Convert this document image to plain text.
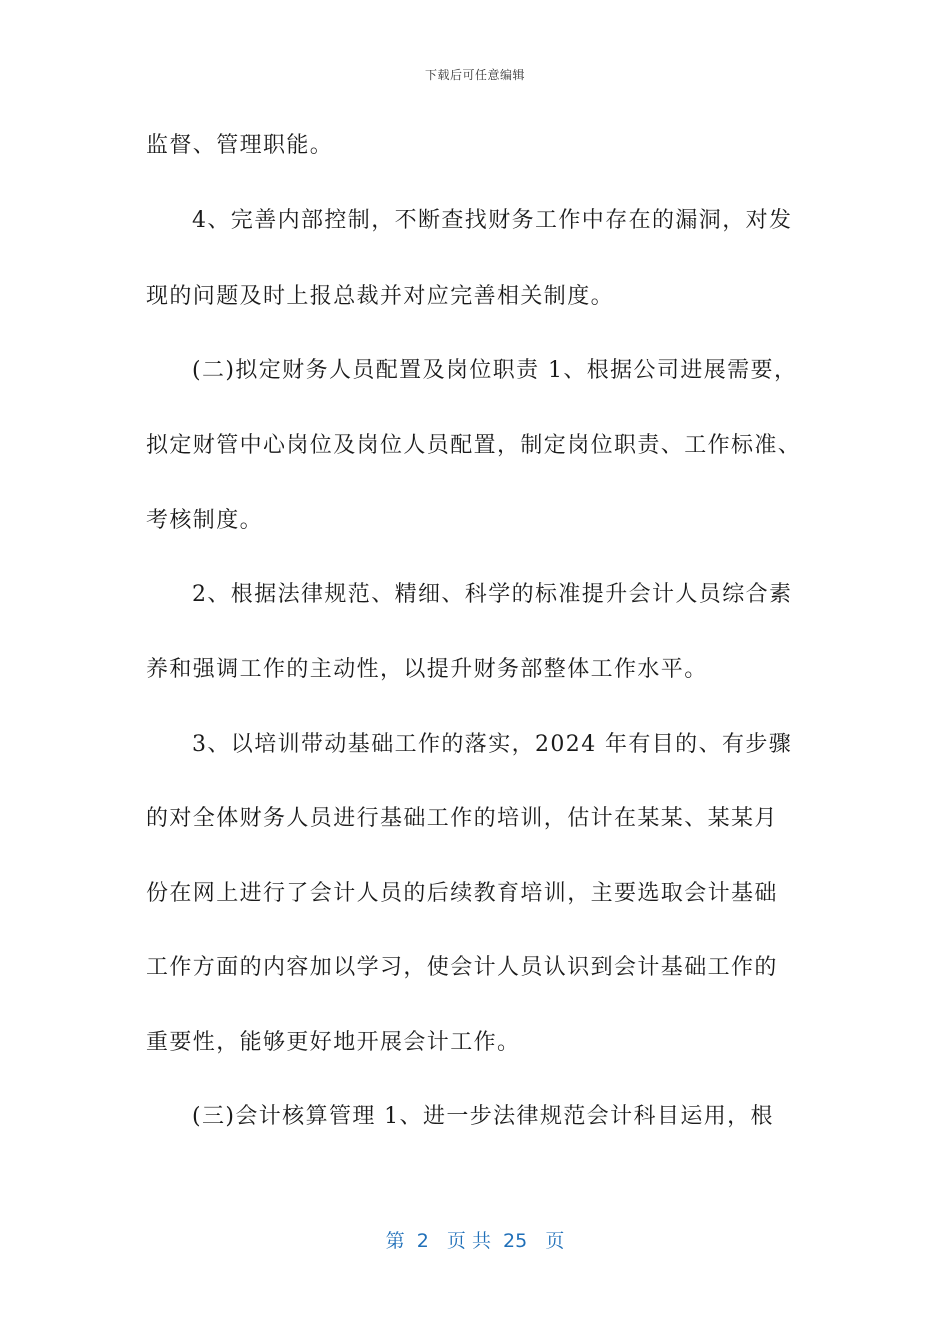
下载后可任意编辑
监督、管理职能。
4、完善内部控制，不断查找财务工作中存在的漏洞，对发
现的问题及时上报总裁并对应完善相关制度。
(二)拟定财务人员配置及岗位职责 1、根据公司进展需要，
拟定财管中心岗位及岗位人员配置，制定岗位职责、工作标准、
考核制度。
2、根据法律规范、精细、科学的标准提升会计人员综合素
养和强调工作的主动性，以提升财务部整体工作水平。
3、以培训带动基础工作的落实，2024 年有目的、有步骤
的对全体财务人员进行基础工作的培训，估计在某某、某某月
份在网上进行了会计人员的后续教育培训，主要选取会计基础
工作方面的内容加以学习，使会计人员认识到会计基础工作的
重要性，能够更好地开展会计工作。
(三)会计核算管理 1、进一步法律规范会计科目运用，根
第  2   页 共  25   页
